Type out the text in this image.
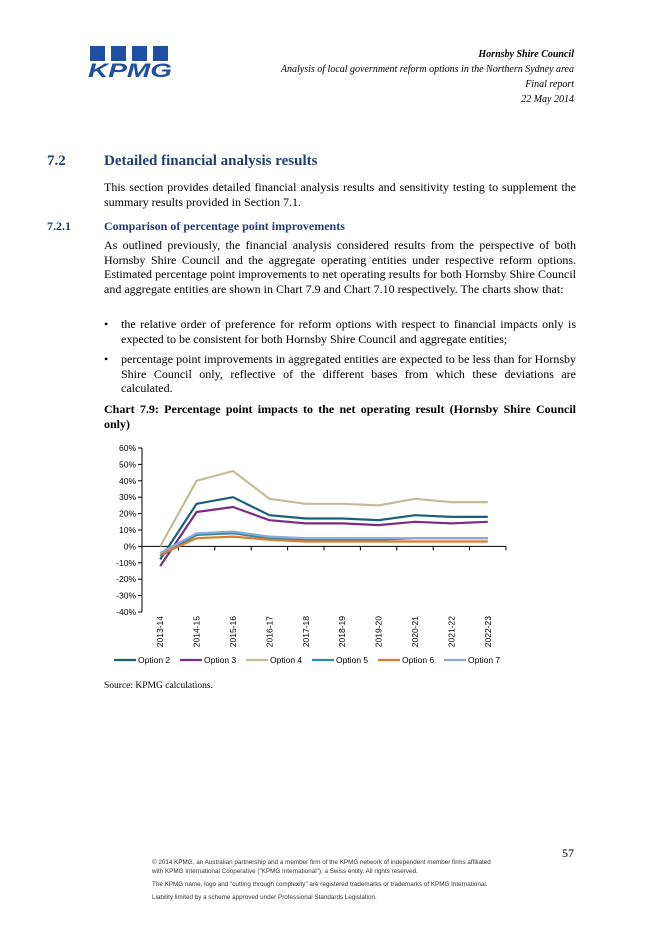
KPMG
Hornsby Shire Council
Analysis of local government reform options in the Northern Sydney area
Final report
22 May 2014
7.2	Detailed financial analysis results
This section provides detailed financial analysis results and sensitivity testing to supplement the summary results provided in Section 7.1.
7.2.1	Comparison of percentage point improvements
As outlined previously, the financial analysis considered results from the perspective of both Hornsby Shire Council and the aggregate operating entities under respective reform options. Estimated percentage point improvements to net operating results for both Hornsby Shire Council and aggregate entities are shown in Chart 7.9 and Chart 7.10 respectively. The charts show that:
• the relative order of preference for reform options with respect to financial impacts only is expected to be consistent for both Hornsby Shire Council and aggregate entities;
• percentage point improvements in aggregated entities are expected to be less than for Hornsby Shire Council only, reflective of the different bases from which these deviations are calculated.
Chart 7.9: Percentage point impacts to the net operating result (Hornsby Shire Council only)
60%
50%
40%
30%
20%
10%
0%
-10%
-20%
-30%
-40%
2013-14	2014-15	2015-16	2016-17	2017-18	2018-19	2019-20	2020-21	2021-22	2022-23
Option 2	Option 3	Option 4	Option 5	Option 6	Option 7
Source: KPMG calculations.
57
© 2014 KPMG, an Australian partnership and a member firm of the KPMG network of independent member firms affiliated
with KPMG International Cooperative ("KPMG International"), a Swiss entity. All rights reserved.
The KPMG name, logo and "cutting through complexity" are registered trademarks or trademarks of KPMG International.
Liability limited by a scheme approved under Professional Standards Legislation.
